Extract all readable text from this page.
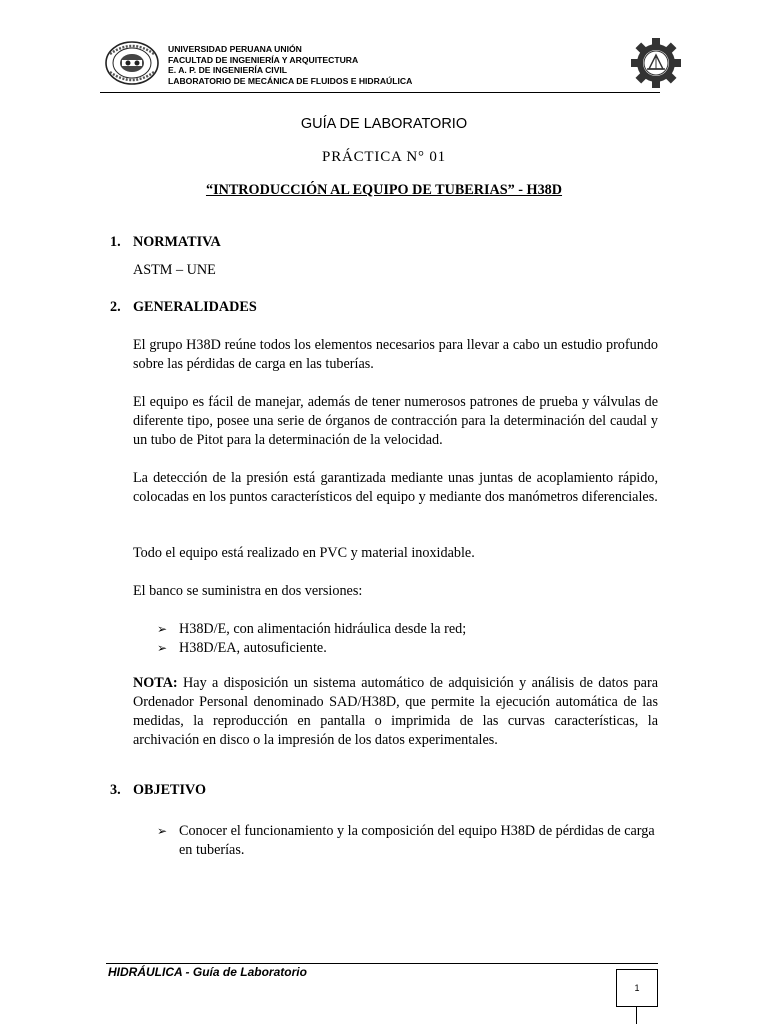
UNIVERSIDAD PERUANA UNIÓN
FACULTAD DE INGENIERÍA Y ARQUITECTURA
E. A. P. DE INGENIERÍA CIVIL
LABORATORIO DE MECÁNICA DE FLUIDOS E HIDRAÚLICA
GUÍA DE LABORATORIO
PRÁCTICA N° 01
“INTRODUCCIÓN AL EQUIPO DE TUBERIAS” - H38D
1. NORMATIVA
ASTM – UNE
2. GENERALIDADES
El grupo H38D reúne todos los elementos necesarios para llevar a cabo un estudio profundo sobre las pérdidas de carga en las tuberías.
El equipo es fácil de manejar, además de tener numerosos patrones de prueba y válvulas de diferente tipo, posee una serie de órganos de contracción para la determinación del caudal y un tubo de Pitot para la determinación de la velocidad.
La detección de la presión está garantizada mediante unas juntas de acoplamiento rápido, colocadas en los puntos característicos del equipo y mediante dos manómetros diferenciales.
Todo el equipo está realizado en PVC y material inoxidable.
El banco se suministra en dos versiones:
➢ H38D/E, con alimentación hidráulica desde la red;
➢ H38D/EA, autosuficiente.
NOTA: Hay a disposición un sistema automático de adquisición y análisis de datos para Ordenador Personal denominado SAD/H38D, que permite la ejecución automática de las medidas, la reproducción en pantalla o imprimida de las curvas características, la archivación en disco o la impresión de los datos experimentales.
3. OBJETIVO
➢ Conocer el funcionamiento y la composición del equipo H38D de pérdidas de carga en tuberías.
HIDRÁULICA - Guía de Laboratorio
1
